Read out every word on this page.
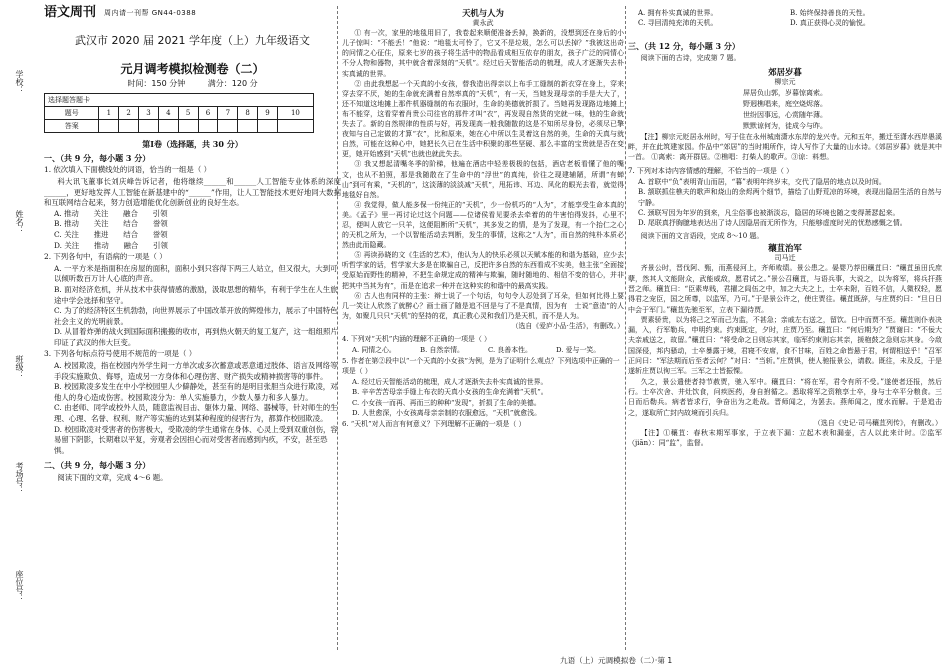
学校：
姓名：
班级：
考场号：
座位号：
语文周刊 周内请一刊帮 GN44-0388
武汉市 2020 届 2021 学年度（上）九年级语文
元月调考模拟检测卷（二）
时间：150 分钟	满分：120 分
选择题答题卡										
题号	1	2	3	4	5	6	7	8	9	10
答案										
第Ⅰ卷（选择题，共 30 分）
一、（共 9 分，每小题 3 分）
1. 依次填入下面横线处的词语，恰当的一组是（ ）

科大讯飞董事长刘庆峰告诉记者，他将继续______和______人工智能专业体系的深度______，更好地发挥人工智能在新基建中的“______”作用，让人工智能技术更好地同大数据和互联网结合起来，努力创造增能优化创新创业的良好生态。

A. 推动　　关注　　融合　　引领
B. 推动　　关注　　结合　　誉领
C. 关注　　推进　　结合　　誉领
D. 关注　　推动　　融合　　引领
2. 下列各句中，有语病的一项是（ ）
A. 一平方米是指面积在房屋的面积，面积小到只容得下两三人站立，但又很大，大到可以倾听数百万计人心底的声音。
B. 面对经济危机，并从技术中获得情感的激励，汲取思想的精华，有利于学生在人生旅途中学会选择和坚守。
C. 为了的经济特区生机勃勃，向世界展示了中国改革开放的辉煌伟力，展示了中国特色社会主义的光明前景。
D. 从冒着炸弹的战火到国际面积搬搬的收市，再到热火朝天的复工复产，这一组组照片印证了武汉的伟大巨变。
3. 下列各句标点符号使用不规范的一项是（ ）
A. 校园欺凌，指在校园内外学生间一方单次或多次蓄意或恶意通过肢体、语言及网络等手段实施欺负、侮辱，造成另一方身体和心理伤害、财产损失或精神损害等的事件。
B. 校园欺凌多发生在中小学校园里人少僻静处，甚至有的是明目张胆当众进行欺凌，对他人的身心造成伤害。校园欺凌分为：单人实施暴力，少数人暴力和多人暴力。
C. 由老师、同学或校外人员，随意监视目击、躯体力量、网络、器械等，针对师生的生理、心理、名誉、权利、财产等实施的达到某种程度的侵害行为，都算作校园欺凌。
D. 校园欺凌对受害者的伤害极大，受欺凌的学生通常在身体、心灵上受到双重创伤，容易留下阴影，长期难以平复，旁观者会因担心而对受害者而感到内疚，不安，甚至恐惧。
二、（共 9 分，每小题 3 分）
阅读下面的文章，完成 4～6 题。
天机与人为
黄永武

① 有一次，家里的地毯用旧了，我卷起来顺便准备丢掉，换新的，没想到还在身后的小儿子惊叫：“不能丢！”他说：“地毯太可怜了，它又不是垃圾，怎么可以丢掉？”我被这出奇的问情之心征住，原来七岁的孩子将生活中的物品看成相互依存的朋友，孩子广泛的同情心不分人物和器物，其中就含着深刻的“天机”。经过后天智能活动的梳理，成人才逐渐失去朴实真诚的世界。

② 由此我想起一个天真的小女孩，替我造出得亲以上布手工缝制的新衣穿在身上，穿来穿去穿不厌，她的生命就充满着自然率真的“天机”，有一天，当她发现母亲的手是大大了，还不知道这地摊上那件机器缝制的布衣服时，生命的美德就折损了。当她再发现路边地摊上布不能穿，这看穿着肖贵公司往官的那件才叫“衣”，再发现自然货的完就一味，他的生命就失去了。新的自然规律的性质与好，再发现高一般我随散的这是不知所尽身份，必须尽已擎夜知与自己定做的才算“衣”，比和原来，她在心中所以生灵着这自然的美，生命的天真与就自然，可能在这种心中，她把长久已在生活中积聚的那些坚硬、那么丰富的宝贵就是否在变更，她开始感到“天机”也就也就此失去。

③ 我又想起清嘴冬季的阶梯，他遍在酒店中轻差极极的包括，酒店老板看懂了他的嘴文，也从不拍照，那是我随散在了生命中的“浮世”的真纯，价往之现建辅陋，所谓“有蝉山”到可有乘，“天机的”，这淡薄的淡淡减“天机”，甩拓讳、耳边、风化的眼光去看，就觉得地毯好自然。

④ 我觉得，做人能多保一份纯正的“天机”，少一份机巧的“人为”，才能享受生命本真的美。《孟子》里一再讨论过这个问题——位诸侯看见要杀去牵着的的牛害怕得发抖，心里不忍，便叫人放它一只羊，这便阻断所“天机”，其多发之的情，是为了发现，有一个抬仁之心的天机之所为，一个以智能活动去判断，发生的事情，这称之“人为”，而自然的纯朴本质必然由此而隐藏。

⑤ 再读孙晓的文《生活的艺术》，他认为人的快乐必须以天赋本能的和谐为基础，应少去听哲学家的话，哲学家大多是在欺骗自己，反把许多自然的东西看成不实美，他主张“全面接受原始而野性的精神，不把生命规定成的精神与欺骗，随时随地的、相信不变的信心，并非把其中当其为有”，而是在追求一种并在这种实的和谐中的最高实践。

⑥ 古人也有同样的主张：辩士说了一个句话，句句令人忍处到了耳朵，但如何比得上要几一笑让人欣然了就醉心？画士画了随是追不回是与了不是真情，因为有　士说“意造”的人为，如聚几只只“天机”的坚持的花，真正教心灵和我们乃是天机，而不是人为。

（选自《爱庐小品·生活》，有删改。）
4. 下列对“天机”内涵的理解不正确的一项是（ ）
A. 同情之心。	B. 自然亲情。	C. 良善本性。	D. 爱与一笑。
5. 作者在第②段中以“一个天真的小女孩”为例，是为了证明什么观点？下列选项中正确的一项是（ ）
A. 经过后天智能活动的梳理，成人才逐渐失去朴实真诚的世界。
B. 辛辛苦苦母亲手缝上布衣的天真小女孩的生命充满着“天机”。
C. 小女孩一而再、再而三的种种“发现”，折损了生命的美德。
D. 人世愈深，小女孩离母亲亲制的衣服愈远，“天机”就愈浅。
6. “天机”对人而言有何意义？下列理解不正确的一项是（ ）
A. 拥有朴实真诚的世界。	B. 始终保持善良的天性。
C. 寻回清纯充沛的天机。	D. 真正获得心灵的愉悦。
三、（共 12 分，每小题 3 分）
阅读下面的古诗，完成第 7 题。
郊居岁暮
柳宗元
屏居负山郭，岁暮惊离索。
野迥樵唱来，庭空烧烬落。
世纷因事远，心赏随年薄。
默默谅何为，徒成今与昨。

【注】柳宗元贬居永州时，写于住在永州城南潇水东岸的龙兴寺。元和五年，搬迁至潇水西岸愚溪畔，并在此筑建家园。作品中“郊居”的当时期所作，诗人写作了大量的山水诗。《郊居岁暮》就是其中一首。 ①离索：离开群居。②樵唱：打柴人的歌声。③谅：料想。

7. 下列对本诗内容情感的理解，不恰当的一项是（ ）
A. 首联中“负”表明背山而居，“暮”表明年终岁末，交代了隐居的地点以及时间。
B. 颔联抓住樵夫的歌声和烧山的余烬两个细节，描绘了山野荒凉的环境，表现出隐居生活的自然与宁静。
C. 颈联写因为年岁的到来，凡尘俗事也被渐淡忘，隐居的环境也随之变得萧瑟起来。
D. 尾联真抒胸臆地表达出了诗人因隐居而无所作为，只能够虚度时光的忧愁感慨之情。
阅读下面的文言语段，完成 8～10 题。
穰苴治军
司马迁

齐景公时，晋伐阿、甄，而燕侵河上，齐师败绩。景公患之。晏婴乃荐田穰苴曰：“穰苴虽田氏庶孽，然其人文能附众，武能威敌，愿君试之。”景公召穰苴，与语兵事，大说之，以为将军，将兵扞燕晋之师。穰苴曰：“臣素卑贱，君擢之闾伍之中，加之大夫之上，士卒未附，百姓不信，人微权轻，愿得君之宠臣，国之所尊，以监军，乃可。”于是景公许之，使庄贾往。穰苴既辞，与庄贾约曰：“旦日日中会于军门。”穰苴先驰至军，立表下漏待贾。

贾素骄贵，以为将己之军而己为监，不甚急；亲戚左右送之，留饮。日中而贾不至。穰苴则仆表决漏，入，行军勒兵，申明约束。约束既定，夕时，庄贾乃至。穰苴曰：“何后期为？”贾谢曰：“不佞大夫亲戚送之，故留。”穰苴曰：“将受命之日则忘其家，临军约束则忘其亲，援枹鼓之急则忘其身。今敌国深侵，邦内骚动，士卒暴露于境，君寝不安席，食不甘味，百姓之命皆悬于君，何谓相送乎！”召军正问曰：“军法期而后至者云何？”对曰：“当斩。”庄贾惧，使人驰报景公，请救。既往，未及反，于是遂斩庄贾以徇三军。三军之士皆振慄。

久之，景公遣使者持节赦贾，驰入军中。穰苴曰：“将在军，君令有所不受。”遂使者还报，然后行。士卒次舍、井灶饮食，问疾医药，身自拊循之。悉取将军之资粮享士卒，身与士卒平分粮食。三日而后勒兵。病者皆求行，争奋出为之赴战。晋师闻之，为罢去。燕师闻之，度水而解。于是追击之，遂取所亡封内故境而引兵归。

（选自《史记·司马穰苴列传》，有删改。）

【注】①穰苴：春秋末期军事家，于立表下漏：立起木表和漏壶，古人以此来计时。②监军（jiān）：同“监”，监督。

九语（上）元调模拟卷（二）·第 1
